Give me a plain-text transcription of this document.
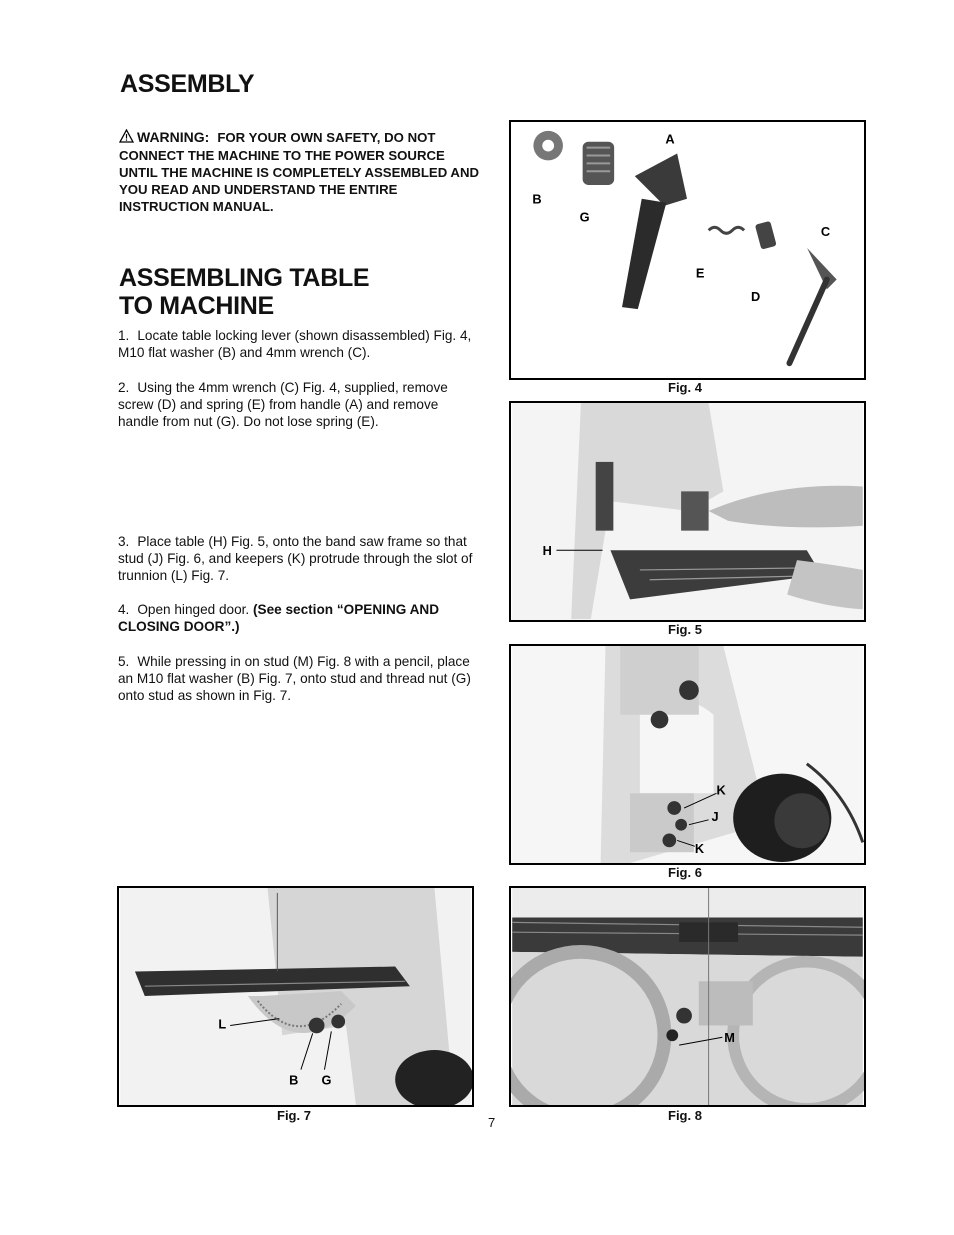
ASSEMBLY
WARNING: FOR YOUR OWN SAFETY, DO NOT CONNECT THE MACHINE TO THE POWER SOURCE UNTIL THE MACHINE IS COMPLETELY ASSEMBLED AND YOU READ AND UNDERSTAND THE ENTIRE INSTRUCTION MANUAL.
ASSEMBLING TABLE
TO MACHINE
1. Locate table locking lever (shown disassembled) Fig. 4, M10 flat washer (B) and 4mm wrench (C).
2. Using the 4mm wrench (C) Fig. 4, supplied, remove screw (D) and spring (E) from handle (A) and remove handle from nut (G). Do not lose spring (E).
3. Place table (H) Fig. 5, onto the band saw frame so that stud (J) Fig. 6, and keepers (K) protrude through the slot of trunnion (L) Fig. 7.
4. Open hinged door. (See section “OPENING AND CLOSING DOOR”.)
5. While pressing in on stud (M) Fig. 8 with a pencil, place an M10 flat washer (B) Fig. 7, onto stud and thread nut (G) onto stud as shown in Fig. 7.
A
B
G
C
E
D
Fig. 4
H
Fig. 5
K
J
K
Fig. 6
L
B G
Fig. 7
M
Fig. 8
7
